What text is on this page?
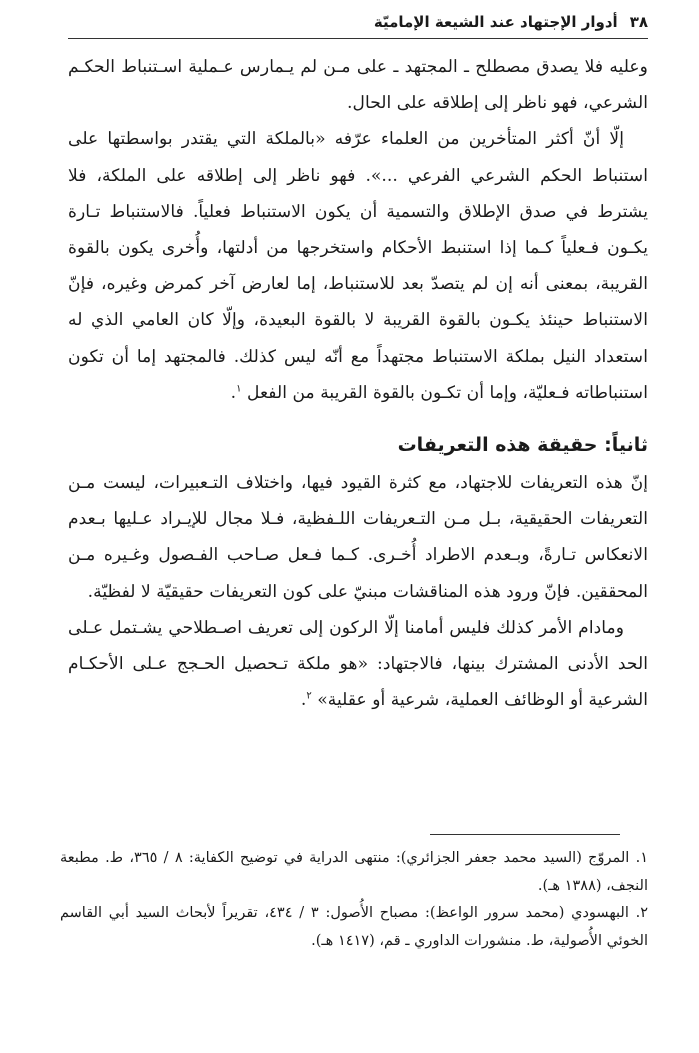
٣٨
أدوار الإجتهاد عند الشيعة الإماميّة

وعليه فلا يصدق مصطلح ـ المجتهد ـ على مـن لم يـمارس عـملية اسـتنباط الحكـم الشرعي، فهو ناظر إلى إطلاقه على الحال.

إلّا أنّ أكثر المتأخرين من العلماء عرّفه «بالملكة التي يقتدر بواسطتها على استنباط الحكم الشرعي الفرعي ...». فهو ناظر إلى إطلاقه على الملكة، فلا يشترط في صدق الإطلاق والتسمية أن يكون الاستنباط فعلياً. فالاستنباط تـارة يكـون فـعلياً كـما إذا استنبط الأحكام واستخرجها من أدلتها، وأُخرى يكون بالقوة القريبة، بمعنى أنه إن لم يتصدّ بعد للاستنباط، إما لعارض آخر كمرض وغيره، فإنّ الاستنباط حينئذ يكـون بالقوة القريبة لا بالقوة البعيدة، وإلّا كان العامي الذي له استعداد النيل بملكة الاستنباط مجتهداً مع أنّه ليس كذلك. فالمجتهد إما أن تكون استنباطاته فـعليّة، وإما أن تكـون بالقوة القريبة من الفعل $^١$.

ثانياً: حقيقة هذه التعريفات

إنّ هذه التعريفات للاجتهاد، مع كثرة القيود فيها، واختلاف التـعبيرات، ليست مـن التعريفات الحقيقية، بـل مـن التـعريفات اللـفظية، فـلا مجال للإيـراد عـليها بـعدم الانعكاس تـارةً، وبـعدم الاطراد أُخـرى. كـما فـعل صـاحب الفـصول وغـيره مـن المحققين. فإنّ ورود هذه المناقشات مبنيّ على كون التعريفات حقيقيّة لا لفظيّة.

ومادام الأمر كذلك فليس أمامنا إلّا الركون إلى تعريف اصـطلاحي يشـتمل عـلى الحد الأدنى المشترك بينها، فالاجتهاد: «هو ملكة تـحصيل الحـجج عـلى الأحكـام الشرعية أو الوظائف العملية، شرعية أو عقلية» $^٢$.

١. المروّج (السيد محمد جعفر الجزائري): منتهى الدراية في توضيح الكفاية: ٨ / ٣٦٥، ط. مطبعة النجف، (١٣٨٨ هـ).

٢. البهسودي (محمد سرور الواعظ): مصباح الأُصول: ٣ / ٤٣٤، تقريراً لأبحاث السيد أبي القاسم الخوئي الأُصولية، ط. منشورات الداوري ـ قم، (١٤١٧ هـ).
